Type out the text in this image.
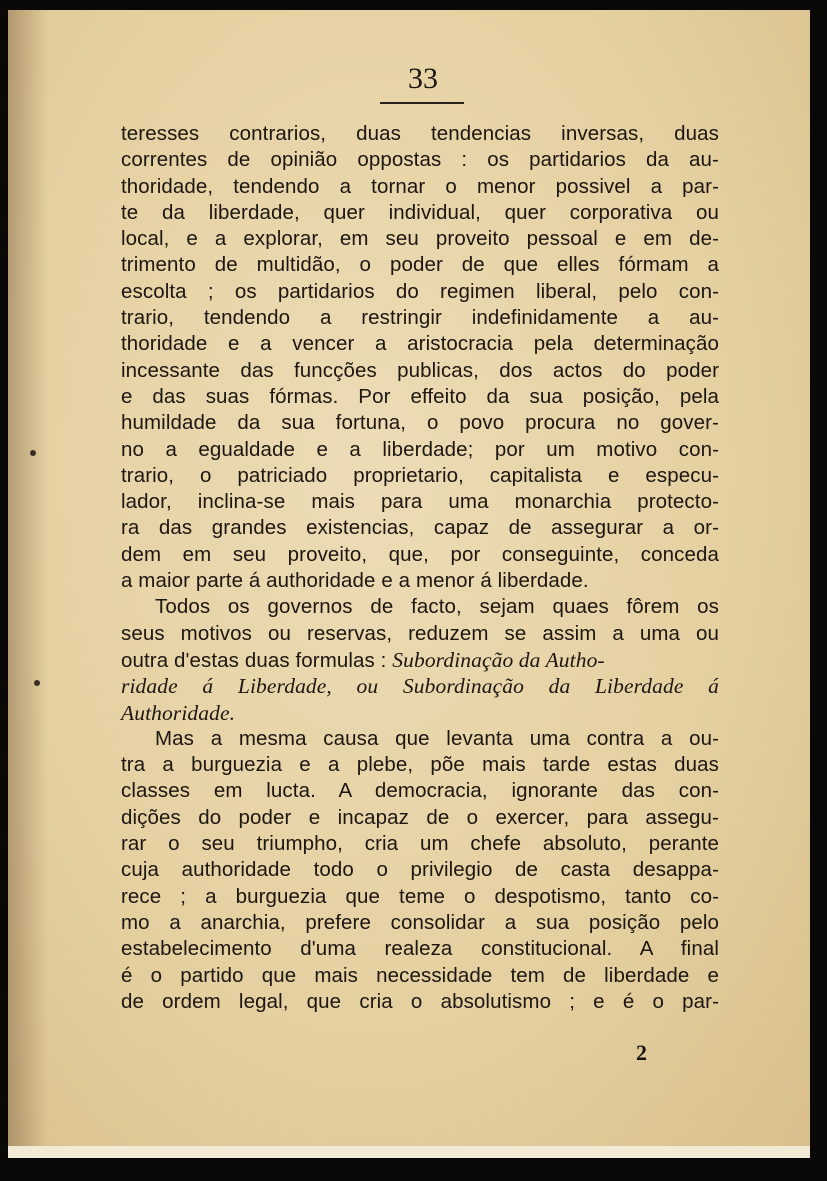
33
teresses contrarios, duas tendencias inversas, duas
correntes de opinião oppostas : os partidarios da au-
thoridade, tendendo a tornar o menor possivel a par-
te da liberdade, quer individual, quer corporativa ou
local, e a explorar, em seu proveito pessoal e em de-
trimento de multidão, o poder de que elles fórmam a
escolta ; os partidarios do regimen liberal, pelo con-
trario, tendendo a restringir indefinidamente a au-
thoridade e a vencer a aristocracia pela determinação
incessante das funcções publicas, dos actos do poder
e das suas fórmas. Por effeito da sua posição, pela
humildade da sua fortuna, o povo procura no gover-
no a egualdade e a liberdade; por um motivo con-
trario, o patriciado proprietario, capitalista e especu-
lador, inclina-se mais para uma monarchia protecto-
ra das grandes existencias, capaz de assegurar a or-
dem em seu proveito, que, por conseguinte, conceda
a maior parte á authoridade e a menor á liberdade.
Todos os governos de facto, sejam quaes fôrem os
seus motivos ou reservas, reduzem se assim a uma ou
outra d'estas duas formulas : Subordinação da Autho-
ridade á Liberdade, ou Subordinação da Liberdade á
Authoridade.
Mas a mesma causa que levanta uma contra a ou-
tra a burguezia e a plebe, põe mais tarde estas duas
classes em lucta. A democracia, ignorante das con-
dições do poder e incapaz de o exercer, para assegu-
rar o seu triumpho, cria um chefe absoluto, perante
cuja authoridade todo o privilegio de casta desappa-
rece ; a burguezia que teme o despotismo, tanto co-
mo a anarchia, prefere consolidar a sua posição pelo
estabelecimento d'uma realeza constitucional. A final
é o partido que mais necessidade tem de liberdade e
de ordem legal, que cria o absolutismo ; e é o par-
2
